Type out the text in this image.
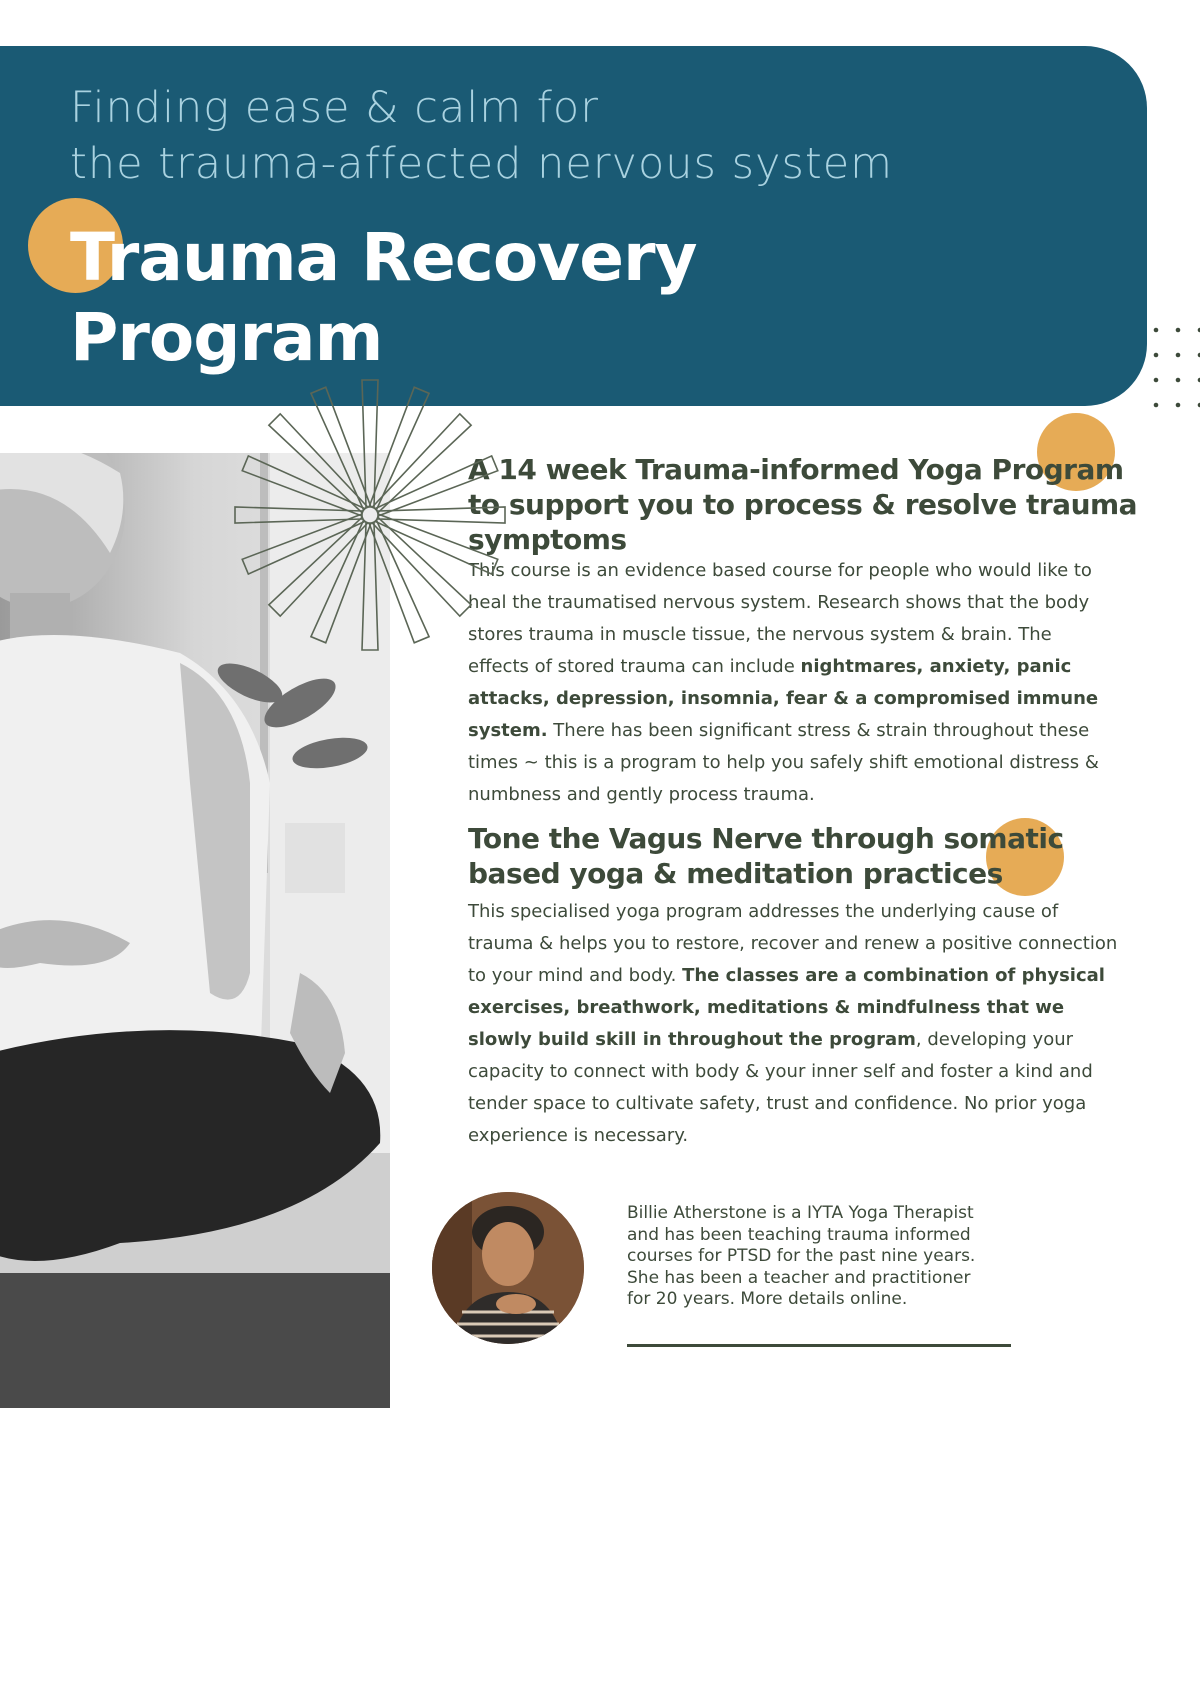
Finding ease & calm for
the trauma-affected nervous system

Trauma Recovery
Program
A 14 week Trauma-informed Yoga Program
to support you to process & resolve trauma
symptoms

This course is an evidence based course for people who would like to heal the traumatised nervous system. Research shows that the body stores trauma in muscle tissue, the nervous system & brain. The effects of stored trauma can include nightmares, anxiety, panic attacks, depression, insomnia, fear & a compromised immune system. There has been significant stress & strain throughout these times ~ this is a program to help you safely shift emotional distress & numbness and gently process trauma.

Tone the Vagus Nerve through somatic
based yoga & meditation practices

This specialised yoga program addresses the underlying cause of trauma & helps you to restore, recover and renew a positive connection to your mind and body. The classes are a combination of physical exercises, breathwork, meditations & mindfulness that we slowly build skill in throughout the program, developing your capacity to connect with body & your inner self and foster a kind and tender space to cultivate safety, trust and confidence. No prior yoga experience is necessary.

Billie Atherstone is a IYTA Yoga Therapist and has been teaching trauma informed courses for PTSD for the past nine years. She has been a teacher and practitioner for 20 years. More details online.
